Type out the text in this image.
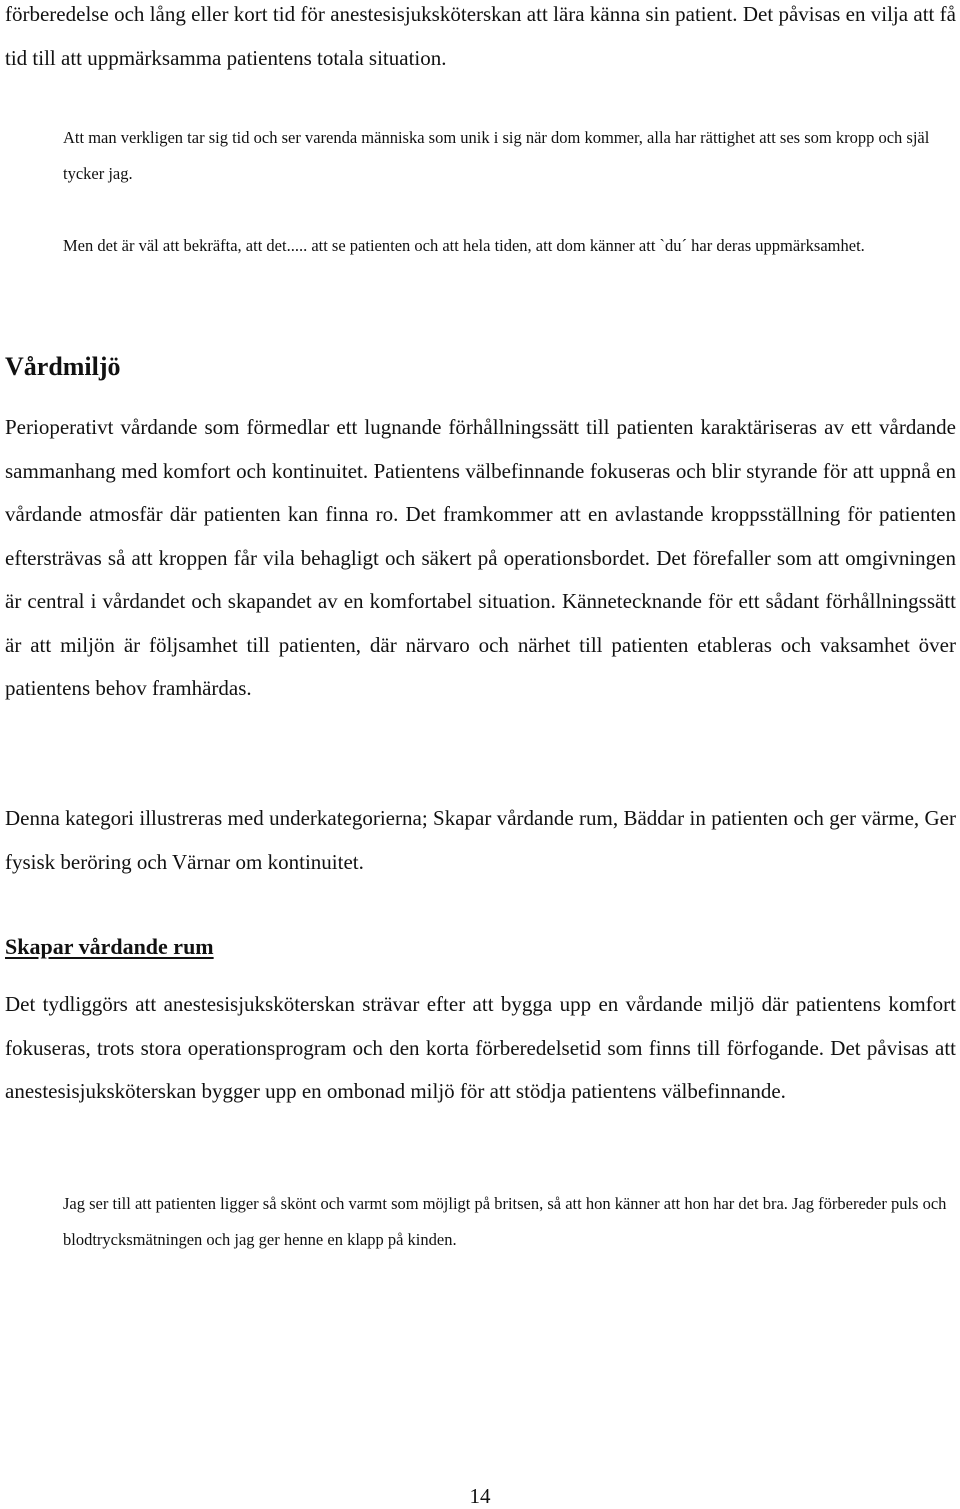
förberedelse och lång eller kort tid för anestesisjuksköterskan att lära känna sin patient. Det påvisas en vilja att få tid till att uppmärksamma patientens totala situation.

Att man verkligen tar sig tid och ser varenda människa som unik i sig när dom kommer, alla har rättighet att ses som kropp och själ tycker jag.

Men det är väl att bekräfta, att det..... att se patienten och att hela tiden, att dom känner att `du´ har deras uppmärksamhet.

Vårdmiljö

Perioperativt vårdande som förmedlar ett lugnande förhållningssätt till patienten karaktäriseras av ett vårdande sammanhang med komfort och kontinuitet. Patientens välbefinnande fokuseras och blir styrande för att uppnå en vårdande atmosfär där patienten kan finna ro. Det framkommer att en avlastande kroppsställning för patienten eftersträvas så att kroppen får vila behagligt och säkert på operationsbordet. Det förefaller som att omgivningen är central i vårdandet och skapandet av en komfortabel situation. Kännetecknande för ett sådant förhållningssätt är att miljön är följsamhet till patienten, där närvaro och närhet till patienten etableras och vaksamhet över patientens behov framhärdas.

Denna kategori illustreras med underkategorierna; Skapar vårdande rum, Bäddar in patienten och ger värme, Ger fysisk beröring och Värnar om kontinuitet.

Skapar vårdande rum

Det tydliggörs att anestesisjuksköterskan strävar efter att bygga upp en vårdande miljö där patientens komfort fokuseras, trots stora operationsprogram och den korta förberedelsetid som finns till förfogande. Det påvisas att anestesisjuksköterskan bygger upp en ombonad miljö för att stödja patientens välbefinnande.

Jag ser till att patienten ligger så skönt och varmt som möjligt på britsen, så att hon känner att hon har det bra. Jag förbereder puls och blodtrycksmätningen och jag ger henne en klapp på kinden.

14
